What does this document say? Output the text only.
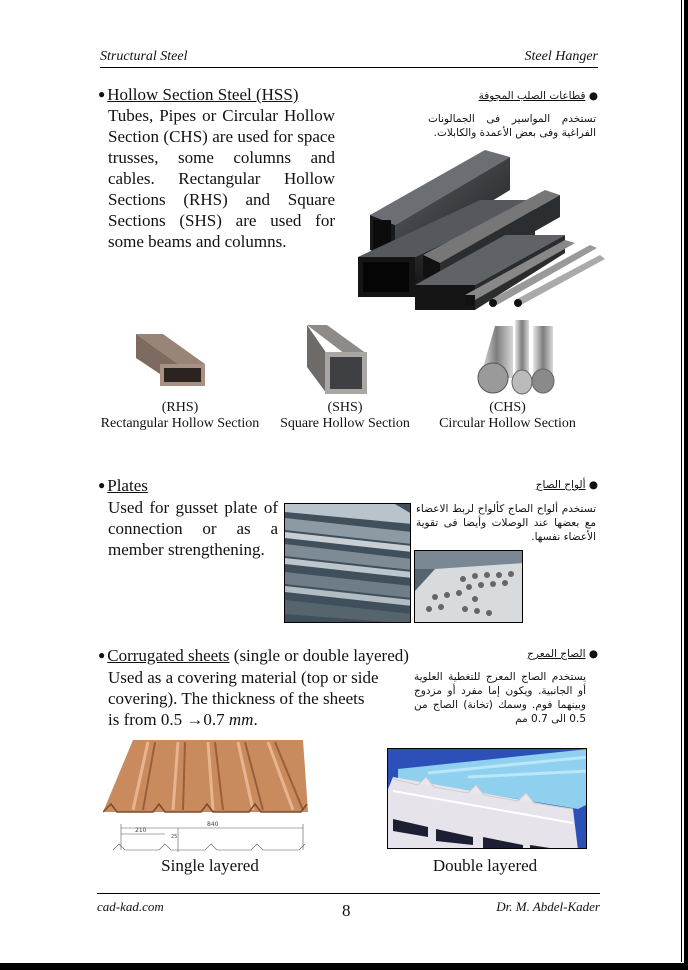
Structural Steel	Steel Hanger
● Hollow Section Steel (HSS)
Tubes, Pipes or Circular Hollow Section (CHS) are used for space trusses, some columns and cables. Rectangular Hollow Sections (RHS) and Square Sections (SHS) are used for some beams and columns.
● قطاعات الصلب المجوفة
تستخدم المواسير فى الجمالونات الفراغية وفى بعض الأعمدة والكابلات.
(RHS)
Rectangular Hollow Section
(SHS)
Square Hollow Section
(CHS)
Circular Hollow Section
● Plates
Used for gusset plate of connection or as a member strengthening.
● ألواح الصاج
تستخدم ألواح الصاج كألواح لربط الاعضاء مع بعضها عند الوصلات وأيضا فى تقوية الأعضاء نفسها.
● Corrugated sheets (single or double layered)
Used as a covering material (top or side covering). The thickness of the sheets is from 0.5 →0.7 mm.
● الصاج المعرج
يستخدم الصاج المعرج للتغطية العلوية أو الجانبية. ويكون إما مفرد أو مزدوج وبينهما فوم. وسمك (تخانة) الصاج من 0.5 الى 0.7 مم
840
210
25
Single layered	Double layered
cad-kad.com	8	Dr. M. Abdel-Kader
